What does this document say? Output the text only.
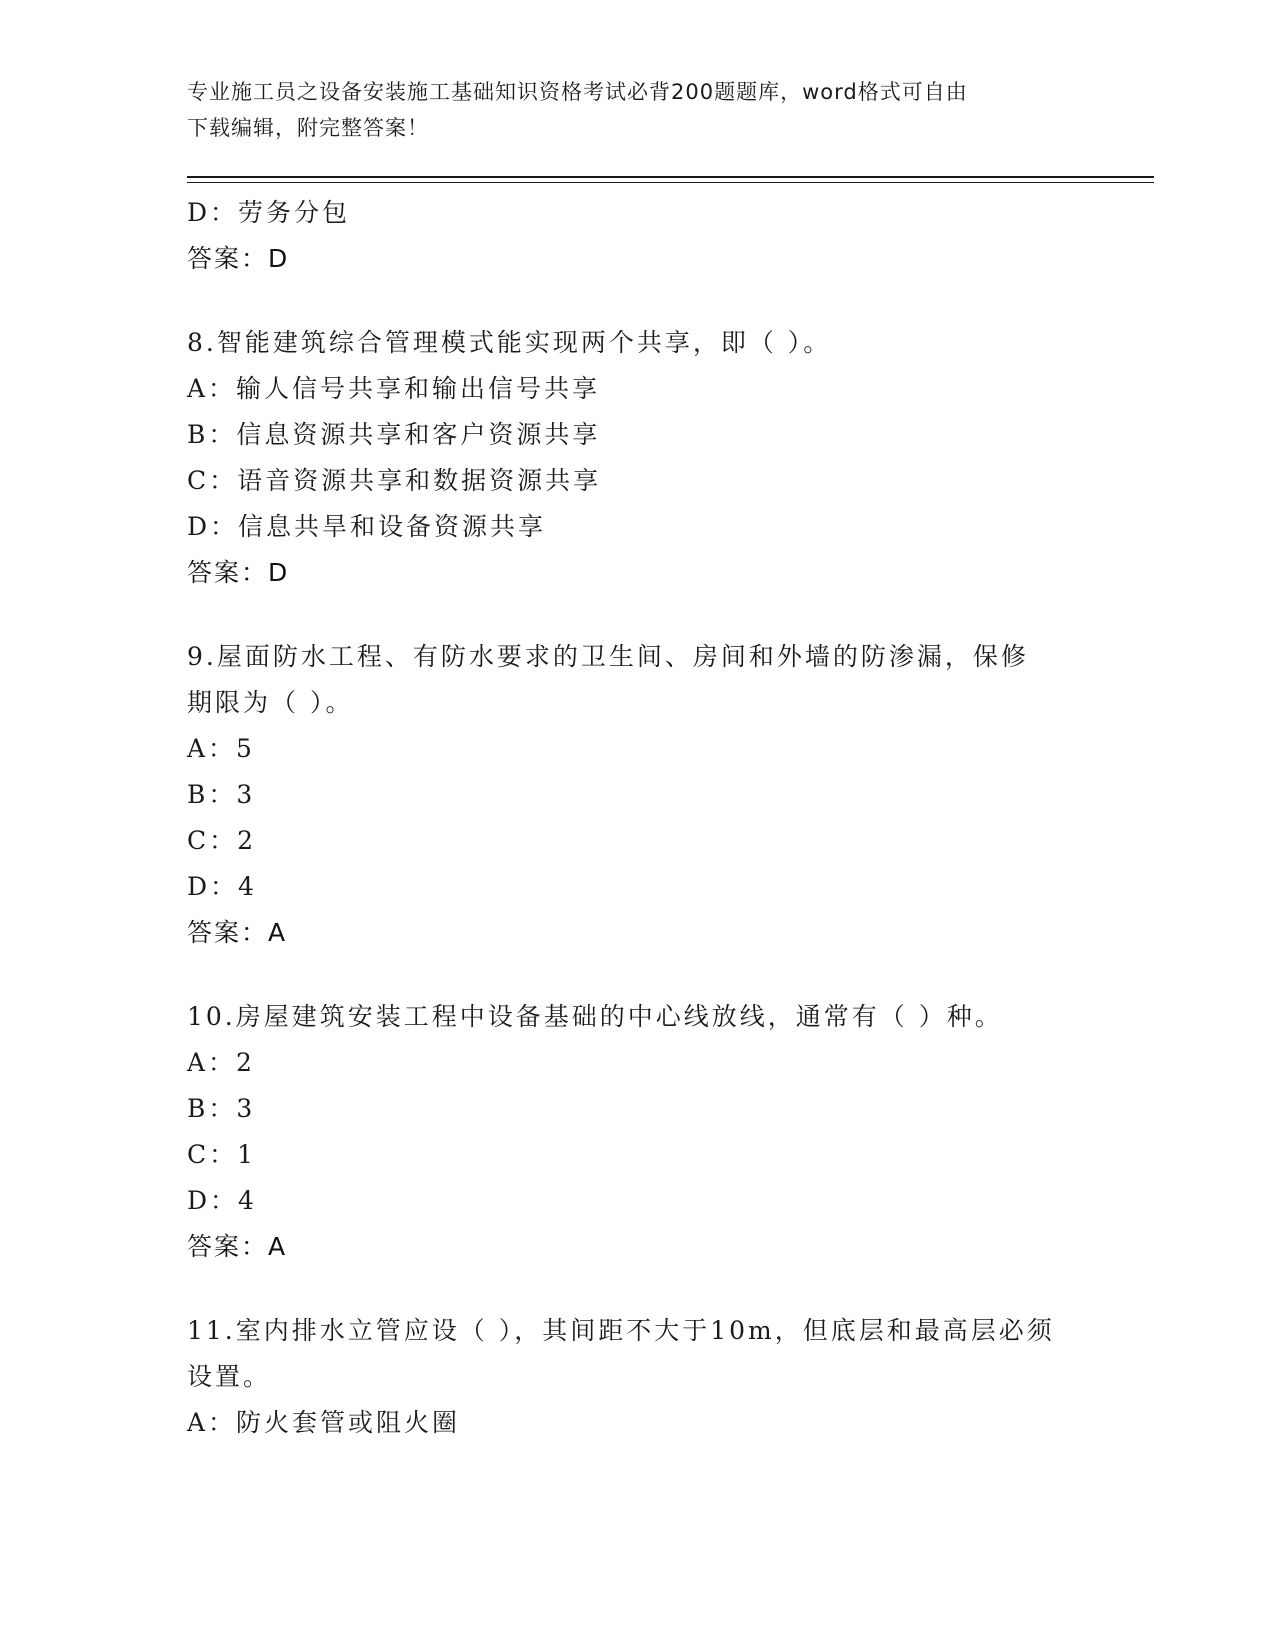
专业施工员之设备安装施工基础知识资格考试必背200题题库，word格式可自由
下载编辑，附完整答案！
D：劳务分包
答案：D
8.智能建筑综合管理模式能实现两个共享，即（ ）。
A：输人信号共享和输出信号共享
B：信息资源共享和客户资源共享
C：语音资源共享和数据资源共享
D：信息共旱和设备资源共享
答案：D
9.屋面防水工程、有防水要求的卫生间、房间和外墙的防渗漏，保修
期限为（ ）。
A：5
B：3
C：2
D：4
答案：A
10.房屋建筑安装工程中设备基础的中心线放线，通常有（ ）种。
A：2
B：3
C：1
D：4
答案：A
11.室内排水立管应设（ ），其间距不大于10m，但底层和最高层必须
设置。
A：防火套管或阻火圈
